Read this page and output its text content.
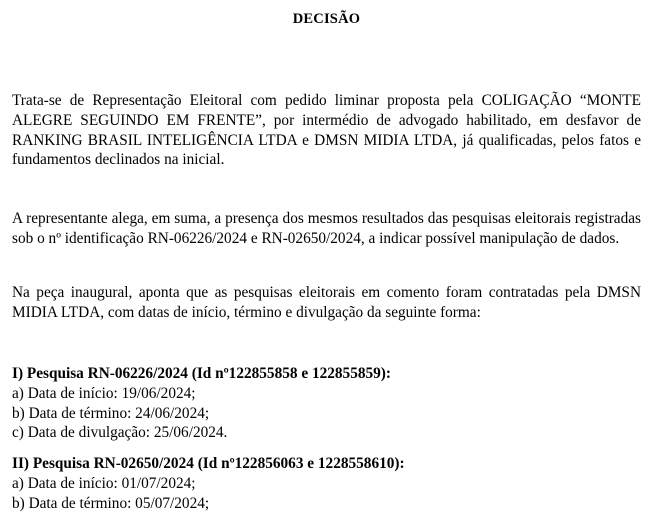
DECISÃO

Trata-se de Representação Eleitoral com pedido liminar proposta pela COLIGAÇÃO “MONTE ALEGRE SEGUINDO EM FRENTE”, por intermédio de advogado habilitado, em desfavor de RANKING BRASIL INTELIGÊNCIA LTDA e DMSN MIDIA LTDA, já qualificadas, pelos fatos e fundamentos declinados na inicial.

A representante alega, em suma, a presença dos mesmos resultados das pesquisas eleitorais registradas sob o nº identificação RN-06226/2024 e RN-02650/2024, a indicar possível manipulação de dados.

Na peça inaugural, aponta que as pesquisas eleitorais em comento foram contratadas pela DMSN MIDIA LTDA, com datas de início, término e divulgação da seguinte forma:

I) Pesquisa RN-06226/2024 (Id nº122855858 e 122855859):
a) Data de início: 19/06/2024;
b) Data de término: 24/06/2024;
c) Data de divulgação: 25/06/2024.
II) Pesquisa RN-02650/2024 (Id nº122856063 e 1228558610):
a) Data de início: 01/07/2024;
b) Data de término: 05/07/2024;
